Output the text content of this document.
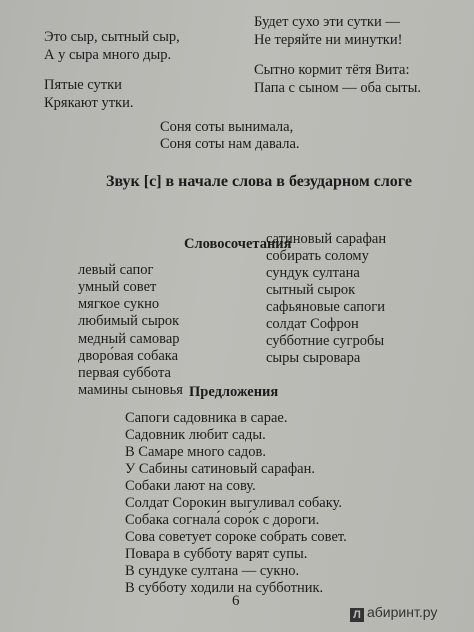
Это сыр, сытный сыр,
А у сыра много дыр.
Будет сухо эти сутки —
Не теряйте ни минутки!
Пятые сутки
Крякают утки.
Сытно кормит тётя Вита:
Папа с сыном — оба сыты.
Соня соты вынимала,
Соня соты нам давала.
Звук [с] в начале слова в безударном слоге
Словосочетания
левый сапог
умный совет
мягкое сукно
любимый сырок
медный самовар
дворо́вая собака
первая суббота
мамины сыновья
сатиновый сарафан
собирать солому
сундук султана
сытный сырок
сафьяновые сапоги
солдат Софрон
субботние сугробы
сыры сыровара
Предложения
Сапоги садовника в сарае.
Садовник любит сады.
В Самаре много садов.
У Сабины сатиновый сарафан.
Собаки лают на сову.
Солдат Сорокин выгуливал собаку.
Собака согнала́ соро́к с дороги.
Сова советует сороке собрать совет.
Повара в субботу варят супы.
В сундуке султана — сукно.
В субботу ходили на субботник.
6
Л абиринт.ру
